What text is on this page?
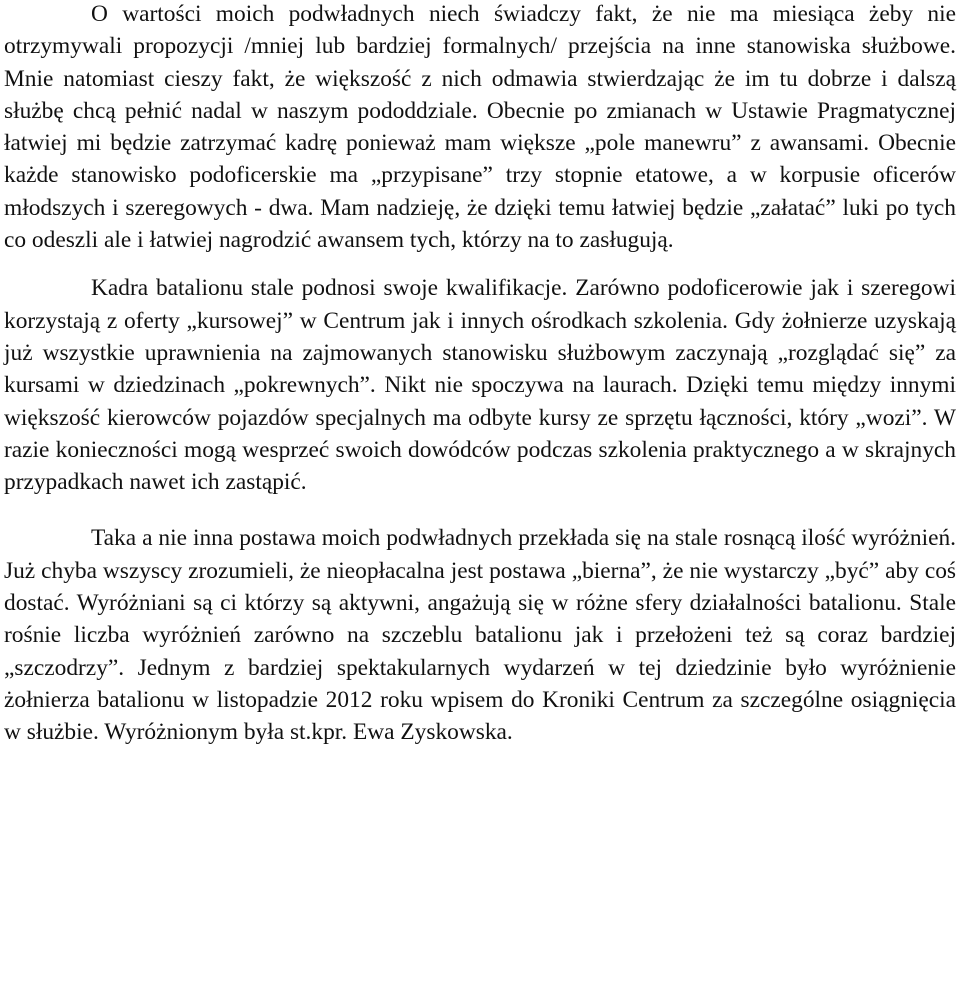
O wartości moich podwładnych niech świadczy fakt, że nie ma miesiąca żeby nie otrzymywali propozycji /mniej lub bardziej formalnych/ przejścia na inne stanowiska służbowe. Mnie natomiast cieszy fakt, że większość z nich odmawia stwierdzając że im tu dobrze i dalszą służbę chcą pełnić nadal w naszym pododdziale. Obecnie po zmianach w Ustawie Pragmatycznej łatwiej mi będzie zatrzymać kadrę ponieważ mam większe „pole manewru” z awansami. Obecnie każde stanowisko podoficerskie ma „przypisane” trzy stopnie etatowe, a w korpusie oficerów młodszych i szeregowych - dwa. Mam nadzieję, że dzięki temu łatwiej będzie „załatać” luki po tych co odeszli ale i łatwiej nagrodzić awansem tych, którzy na to zasługują.

Kadra batalionu stale podnosi swoje kwalifikacje. Zarówno podoficerowie jak i szeregowi korzystają z oferty „kursowej” w Centrum jak i innych ośrodkach szkolenia. Gdy żołnierze uzyskają już wszystkie uprawnienia na zajmowanych stanowisku służbowym zaczynają „rozglądać się” za kursami w dziedzinach „pokrewnych”. Nikt nie spoczywa na laurach. Dzięki temu między innymi większość kierowców pojazdów specjalnych ma odbyte kursy ze sprzętu łączności, który „wozi”. W razie konieczności mogą wesprzeć swoich dowódców podczas szkolenia praktycznego a w skrajnych przypadkach nawet ich zastąpić.

Taka a nie inna postawa moich podwładnych przekłada się na stale rosnącą ilość wyróżnień. Już chyba wszyscy zrozumieli, że nieopłacalna jest postawa „bierna”, że nie wystarczy „być” aby coś dostać. Wyróżniani są ci którzy są aktywni, angażują się w różne sfery działalności batalionu. Stale rośnie liczba wyróżnień zarówno na szczeblu batalionu jak i przełożeni też są coraz bardziej „szczodrzy”. Jednym z bardziej spektakularnych wydarzeń w tej dziedzinie było wyróżnienie żołnierza batalionu w listopadzie 2012 roku wpisem do Kroniki Centrum za szczególne osiągnięcia w służbie. Wyróżnionym była st.kpr. Ewa Zyskowska.
